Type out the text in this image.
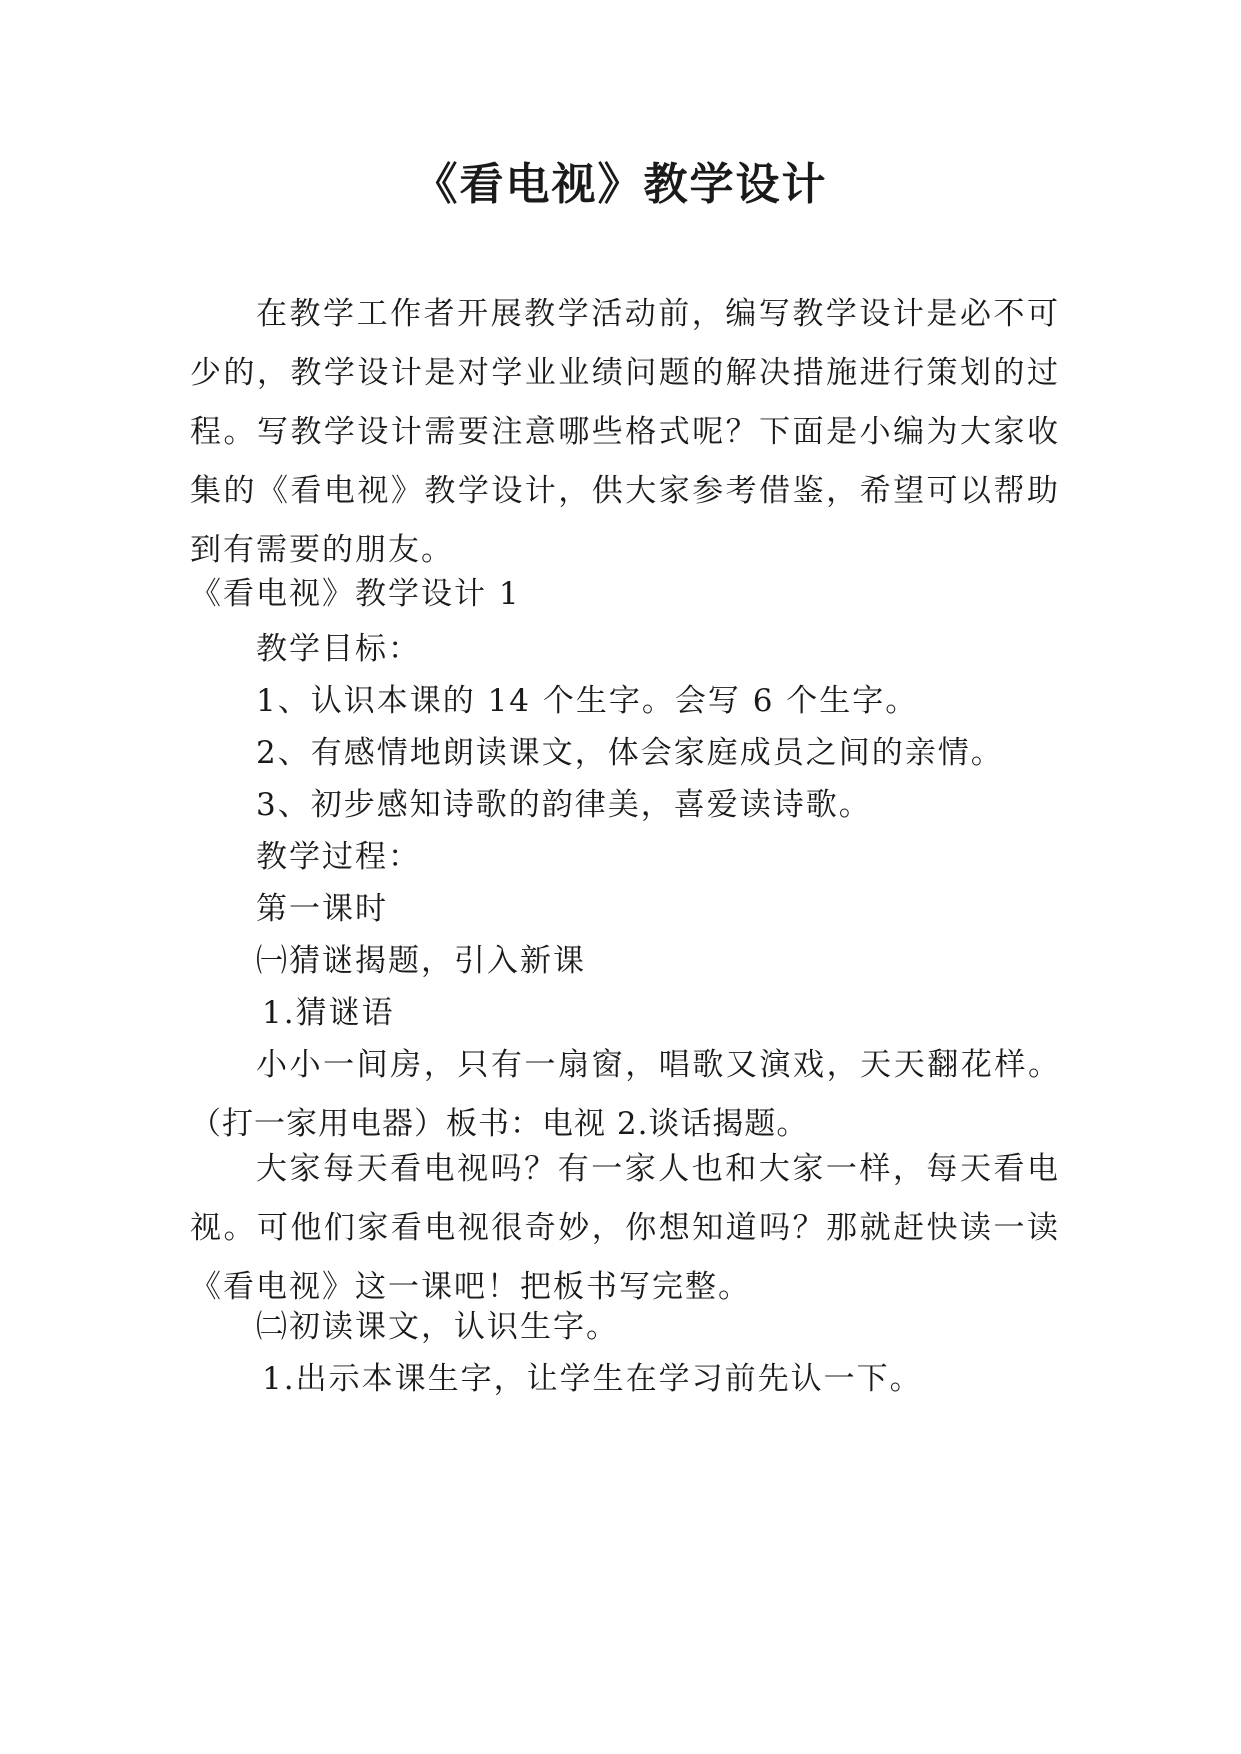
《看电视》教学设计
在教学工作者开展教学活动前，编写教学设计是必不可少的，教学设计是对学业业绩问题的解决措施进行策划的过程。写教学设计需要注意哪些格式呢？下面是小编为大家收集的《看电视》教学设计，供大家参考借鉴，希望可以帮助到有需要的朋友。
《看电视》教学设计 1
教学目标：
1、认识本课的 14 个生字。会写 6 个生字。
2、有感情地朗读课文，体会家庭成员之间的亲情。
3、初步感知诗歌的韵律美，喜爱读诗歌。
教学过程：
第一课时
㈠猜谜揭题，引入新课
1.猜谜语
小小一间房，只有一扇窗，唱歌又演戏，天天翻花样。（打一家用电器）板书：电视 2.谈话揭题。
大家每天看电视吗？有一家人也和大家一样，每天看电视。可他们家看电视很奇妙，你想知道吗？那就赶快读一读《看电视》这一课吧！把板书写完整。
㈡初读课文，认识生字。
1.出示本课生字，让学生在学习前先认一下。
